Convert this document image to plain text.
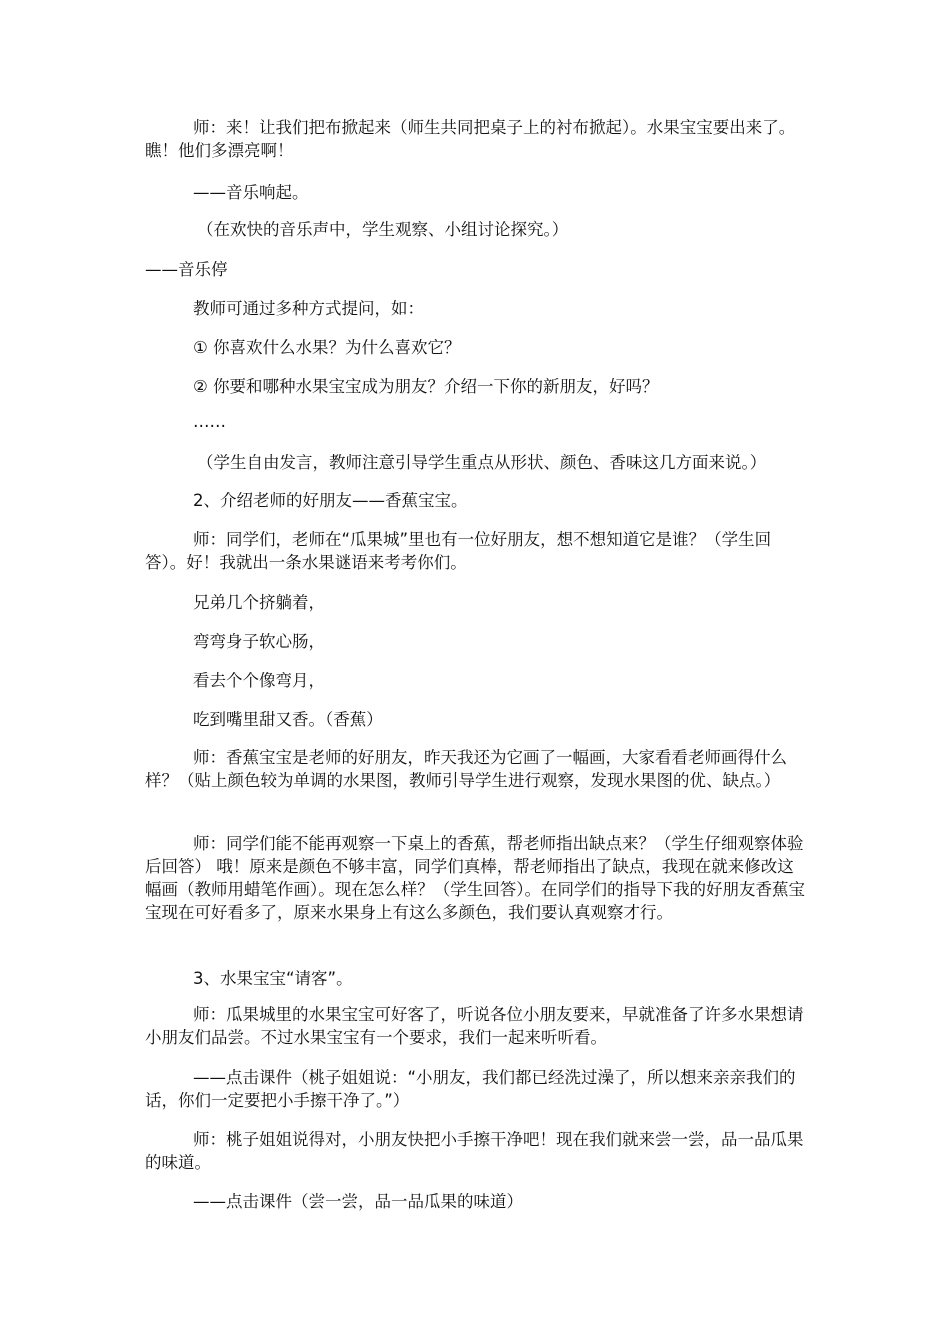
师：来！让我们把布掀起来（师生共同把桌子上的衬布掀起）。水果宝宝要出来了。瞧！他们多漂亮啊！

——音乐响起。

（在欢快的音乐声中，学生观察、小组讨论探究。）

——音乐停

教师可通过多种方式提问，如：

① 你喜欢什么水果？为什么喜欢它？

② 你要和哪种水果宝宝成为朋友？介绍一下你的新朋友，好吗？

……

（学生自由发言，教师注意引导学生重点从形状、颜色、香味这几方面来说。）

2、介绍老师的好朋友——香蕉宝宝。

师：同学们，老师在“瓜果城”里也有一位好朋友，想不想知道它是谁？（学生回答）。好！我就出一条水果谜语来考考你们。

兄弟几个挤躺着，

弯弯身子软心肠，

看去个个像弯月，

吃到嘴里甜又香。（香蕉）

师：香蕉宝宝是老师的好朋友，昨天我还为它画了一幅画，大家看看老师画得什么样？（贴上颜色较为单调的水果图，教师引导学生进行观察，发现水果图的优、缺点。）

师：同学们能不能再观察一下桌上的香蕉，帮老师指出缺点来？（学生仔细观察体验后回答） 哦！原来是颜色不够丰富，同学们真棒，帮老师指出了缺点，我现在就来修改这幅画（教师用蜡笔作画）。现在怎么样？（学生回答）。在同学们的指导下我的好朋友香蕉宝宝现在可好看多了，原来水果身上有这么多颜色，我们要认真观察才行。

3、水果宝宝“请客”。

师：瓜果城里的水果宝宝可好客了，听说各位小朋友要来，早就准备了许多水果想请小朋友们品尝。不过水果宝宝有一个要求，我们一起来听听看。

——点击课件（桃子姐姐说：“小朋友，我们都已经洗过澡了，所以想来亲亲我们的话，你们一定要把小手擦干净了。”）

师：桃子姐姐说得对，小朋友快把小手擦干净吧！现在我们就来尝一尝，品一品瓜果的味道。

——点击课件（尝一尝，品一品瓜果的味道）
